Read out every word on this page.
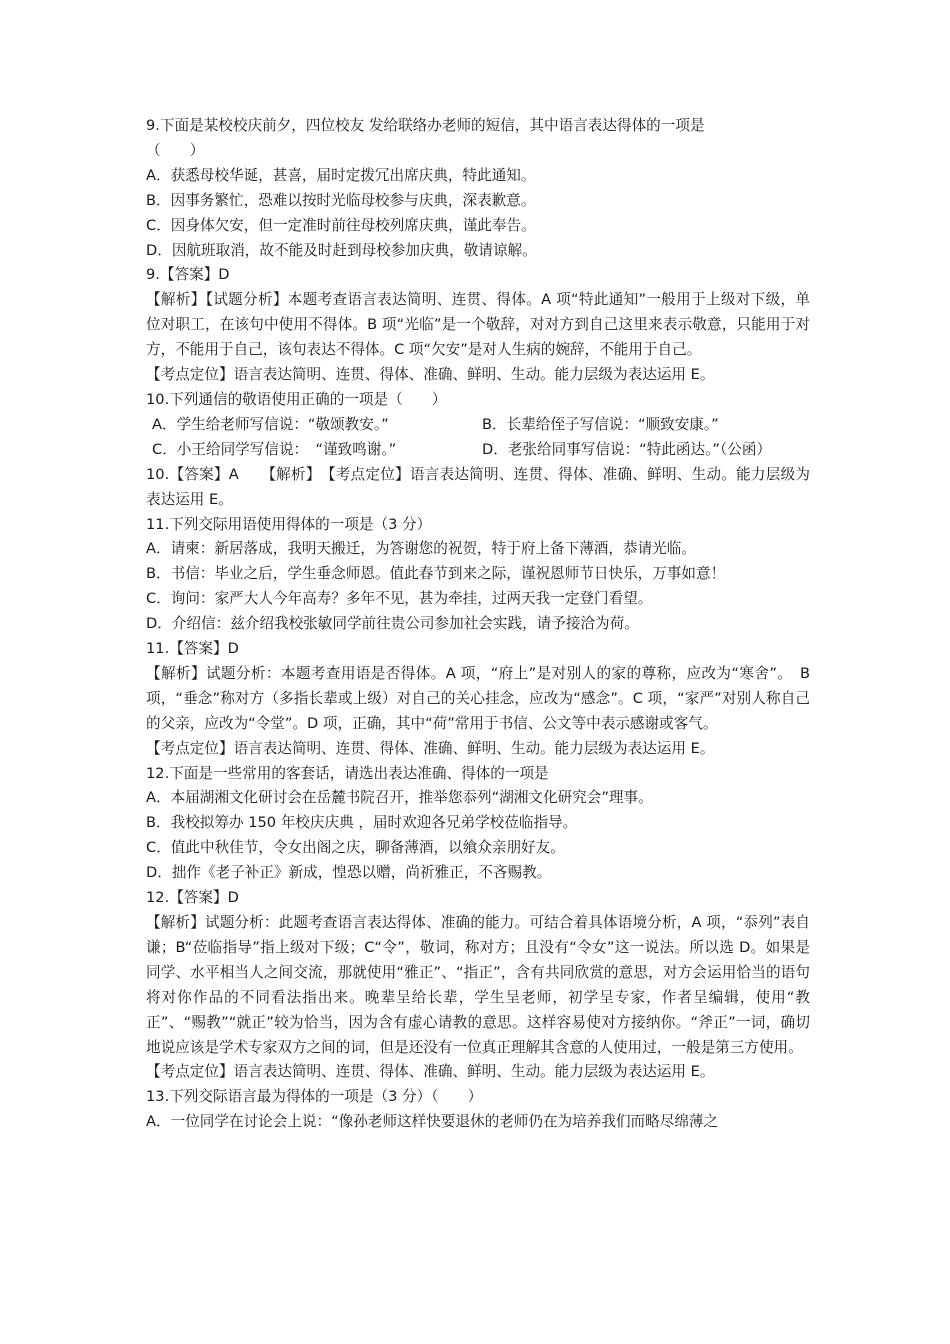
9.下面是某校校庆前夕，四位校友 发给联络办老师的短信，其中语言表达得体的一项是
（　　）
A．获悉母校华诞，甚喜，届时定拨冗出席庆典，特此通知。
B．因事务繁忙，恐难以按时光临母校参与庆典，深表歉意。
C．因身体欠安，但一定准时前往母校列席庆典，谨此奉告。
D．因航班取消，故不能及时赶到母校参加庆典，敬请谅解。
9.【答案】D
【解析】【试题分析】本题考查语言表达简明、连贯、得体。A 项“特此通知”一般用于上级对下级，单位对职工，在该句中使用不得体。B 项“光临”是一个敬辞，对对方到自己这里来表示敬意，只能用于对方，不能用于自己，该句表达不得体。C 项“欠安”是对人生病的婉辞，不能用于自己。
【考点定位】语言表达简明、连贯、得体、准确、鲜明、生动。能力层级为表达运用 E。
10.下列通信的敬语使用正确的一项是（　　）
A．学生给老师写信说：“敬颂教安。”	B．长辈给侄子写信说：“顺致安康。”
C．小王给同学写信说：　“谨致鸣谢。”	D．老张给同事写信说：“特此函达。”（公函）
10.【答案】A　　【解析】　【考点定位】语言表达简明、连贯、得体、准确、鲜明、生动。能力层级为表达运用 E。
11.下列交际用语使用得体的一项是（3 分）
A．请柬：新居落成，我明天搬迁，为答谢您的祝贺，特于府上备下薄酒，恭请光临。
B．书信：毕业之后，学生垂念师恩。值此春节到来之际，谨祝恩师节日快乐，万事如意！
C．询问：家严大人今年高寿？多年不见，甚为牵挂，过两天我一定登门看望。
D．介绍信：兹介绍我校张敏同学前往贵公司参加社会实践，请予接洽为荷。
11.【答案】D
【解析】试题分析：本题考查用语是否得体。A 项，“府上”是对别人的家的尊称，应改为“寒舍”。　B 项，“垂念”称对方（多指长辈或上级）对自己的关心挂念，应改为“感念”。C 项，“家严”对别人称自己的父亲，应改为“令堂”。D 项，正确，其中“荷”常用于书信、公文等中表示感谢或客气。
【考点定位】语言表达简明、连贯、得体、准确、鲜明、生动。能力层级为表达运用 E。
12.下面是一些常用的客套话，请选出表达准确、得体的一项是
A．本届湖湘文化研讨会在岳麓书院召开，推举您忝列“湖湘文化研究会”理事。
B．我校拟筹办 150 年校庆庆典 ，届时欢迎各兄弟学校莅临指导。
C．值此中秋佳节，令女出阁之庆，聊备薄酒，以飨众亲朋好友。
D．拙作《老子补正》新成，惶恐以赠，尚祈雅正，不吝赐教。
12.【答案】D
【解析】试题分析：此题考查语言表达得体、准确的能力。可结合着具体语境分析，A 项，“忝列”表自谦；B“莅临指导”指上级对下级；C“令”，敬词，称对方；且没有“令女”这一说法。所以选 D。如果是同学、水平相当人之间交流，那就使用“雅正”、“指正”，含有共同欣赏的意思，对方会运用恰当的语句将对你作品的不同看法指出来。晚辈呈给长辈，学生呈老师，初学呈专家，作者呈编辑，使用“教正”、“赐教”“就正”较为恰当，因为含有虚心请教的意思。这样容易使对方接纳你。“斧正”一词，确切地说应该是学术专家双方之间的词，但是还没有一位真正理解其含意的人使用过，一般是第三方使用。
【考点定位】语言表达简明、连贯、得体、准确、鲜明、生动。能力层级为表达运用 E。
13.下列交际语言最为得体的一项是（3 分）（　　）
A．一位同学在讨论会上说：“像孙老师这样快要退休的老师仍在为培养我们而略尽绵薄之
